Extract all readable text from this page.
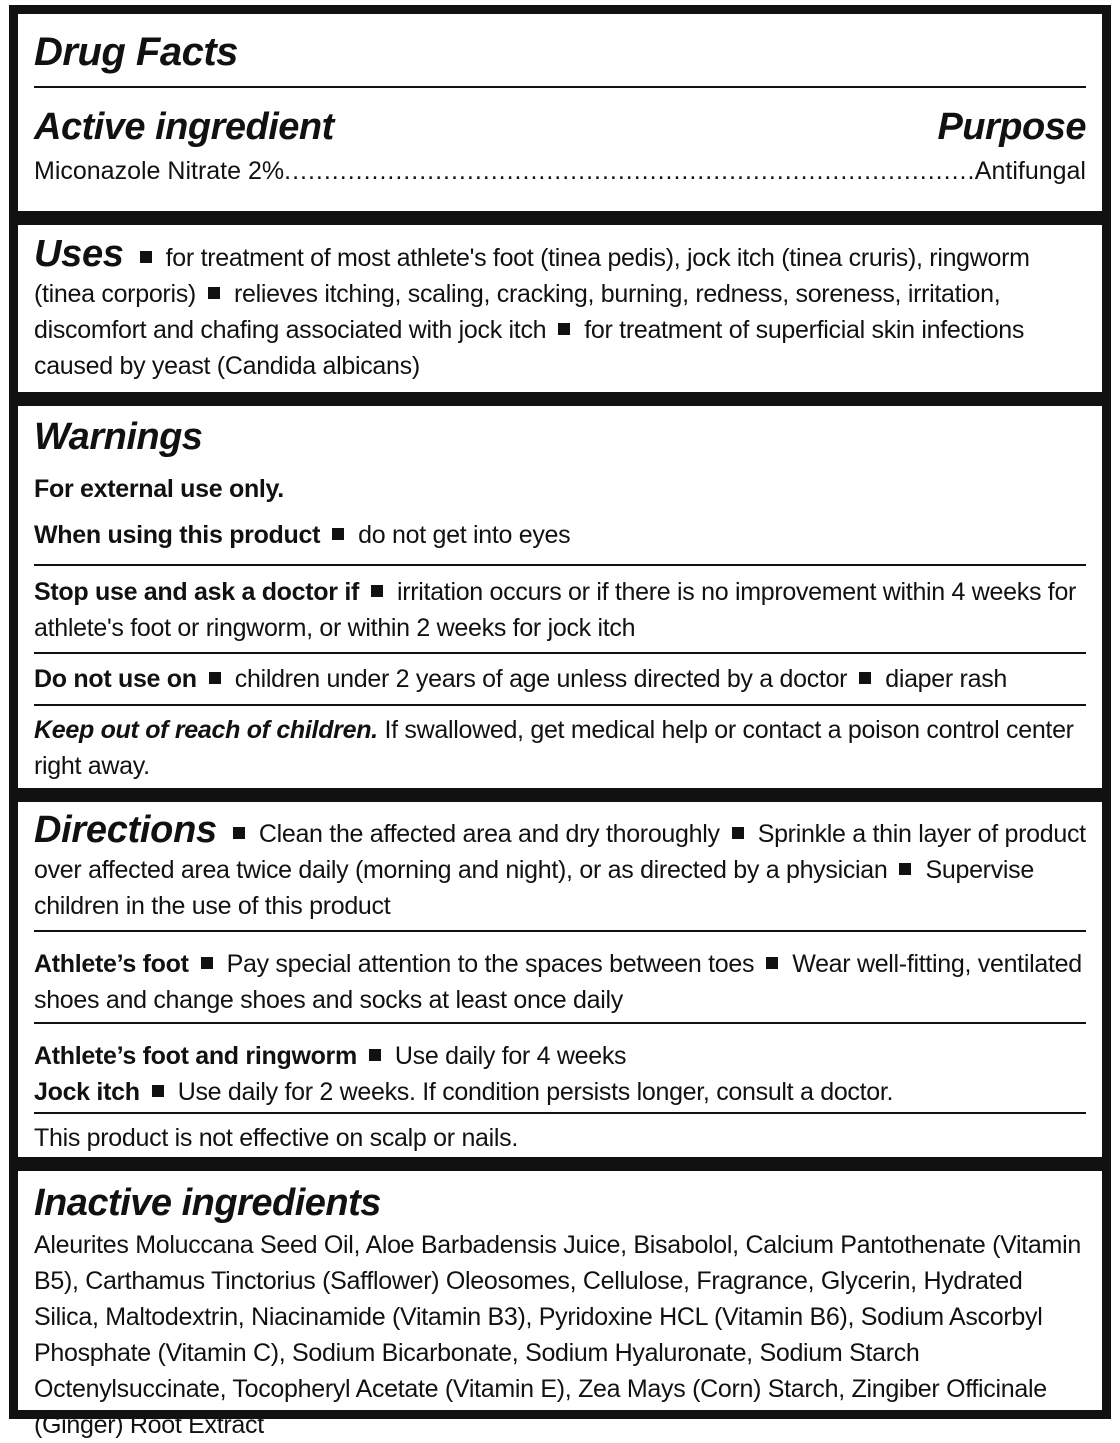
Drug Facts
Active ingredient	Purpose
Miconazole Nitrate 2%
.....	Antifungal
Uses for treatment of most athlete's foot (tinea pedis), jock itch (tinea cruris), ringworm (tinea corporis) relieves itching, scaling, cracking, burning, redness, soreness, irritation, discomfort and chafing associated with jock itch for treatment of superficial skin infections caused by yeast (Candida albicans)
Warnings
For external use only.
When using this product do not get into eyes
Stop use and ask a doctor if irritation occurs or if there is no improvement within 4 weeks for athlete's foot or ringworm, or within 2 weeks for jock itch
Do not use on children under 2 years of age unless directed by a doctor diaper rash
Keep out of reach of children. If swallowed, get medical help or contact a poison control center right away.
Directions Clean the affected area and dry thoroughly Sprinkle a thin layer of product over affected area twice daily (morning and night), or as directed by a physician Supervise children in the use of this product
Athlete’s foot Pay special attention to the spaces between toes Wear well-fitting, ventilated shoes and change shoes and socks at least once daily
Athlete’s foot and ringworm Use daily for 4 weeks
Jock itch Use daily for 2 weeks. If condition persists longer, consult a doctor.
This product is not effective on scalp or nails.
Inactive ingredients
Aleurites Moluccana Seed Oil, Aloe Barbadensis Juice, Bisabolol, Calcium Pantothenate (Vitamin B5), Carthamus Tinctorius (Safflower) Oleosomes, Cellulose, Fragrance, Glycerin, Hydrated Silica, Maltodextrin, Niacinamide (Vitamin B3), Pyridoxine HCL (Vitamin B6), Sodium Ascorbyl Phosphate (Vitamin C), Sodium Bicarbonate, Sodium Hyaluronate, Sodium Starch Octenylsuccinate, Tocopheryl Acetate (Vitamin E), Zea Mays (Corn) Starch, Zingiber Officinale (Ginger) Root Extract
